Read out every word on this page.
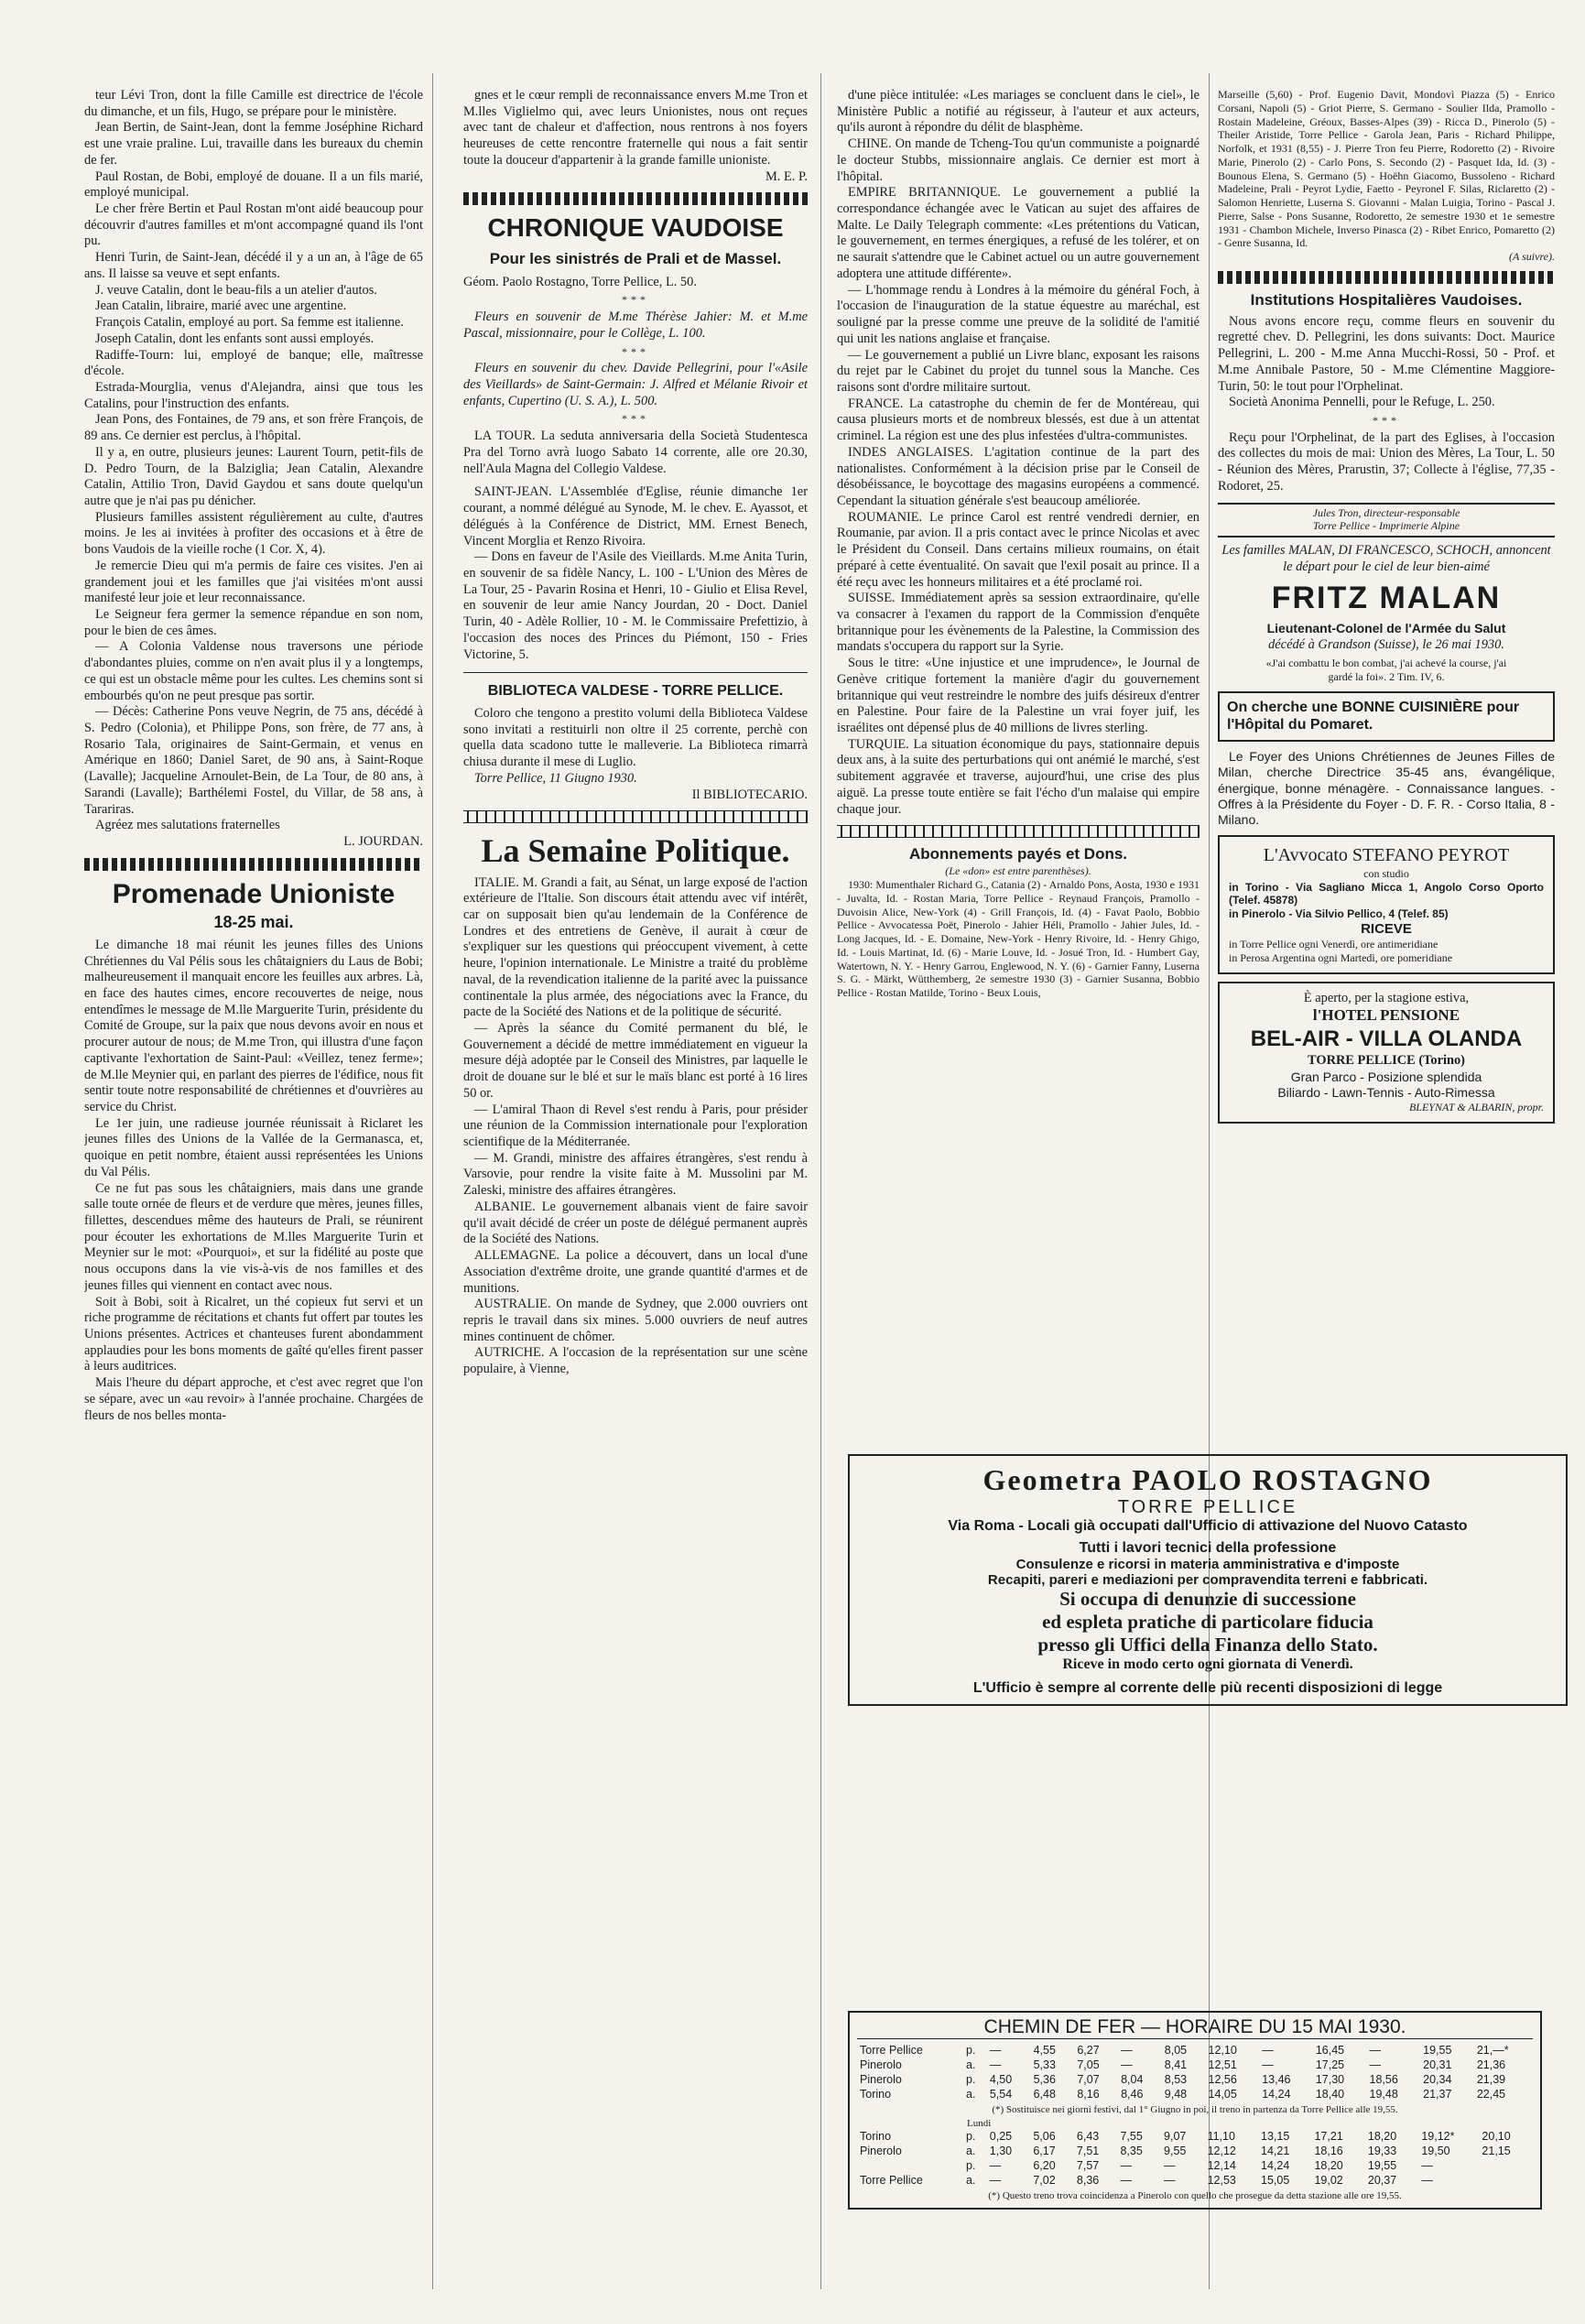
teur Lévi Tron, dont la fille Camille est directrice de l'école du dimanche, et un fils, Hugo, se prépare pour le ministère.

Jean Bertin, de Saint-Jean, dont la femme Joséphine Richard est une vraie praline. Lui, travaille dans les bureaux du chemin de fer.

Paul Rostan, de Bobi, employé de douane. Il a un fils marié, employé municipal.

Le cher frère Bertin et Paul Rostan m'ont aidé beaucoup pour découvrir d'autres familles et m'ont accompagné quand ils l'ont pu.

Henri Turin, de Saint-Jean, décédé il y a un an, à l'âge de 65 ans. Il laisse sa veuve et sept enfants.

J. veuve Catalin, dont le beau-fils a un atelier d'autos.

Jean Catalin, libraire, marié avec une argentine.

François Catalin, employé au port. Sa femme est italienne.

Joseph Catalin, dont les enfants sont aussi employés.

Radiffe-Tourn: lui, employé de banque; elle, maîtresse d'école.

Estrada-Mourglia, venus d'Alejandra, ainsi que tous les Catalins, pour l'instruction des enfants.

Jean Pons, des Fontaines, de 79 ans, et son frère François, de 89 ans. Ce dernier est perclus, à l'hôpital.

Il y a, en outre, plusieurs jeunes: Laurent Tourn, petit-fils de D. Pedro Tourn, de la Balziglia; Jean Catalin, Alexandre Catalin, Attilio Tron, David Gaydou et sans doute quelqu'un autre que je n'ai pas pu dénicher.

Plusieurs familles assistent régulièrement au culte, d'autres moins. Je les ai invitées à profiter des occasions et à être de bons Vaudois de la vieille roche (1 Cor. X, 4).

Je remercie Dieu qui m'a permis de faire ces visites. J'en ai grandement joui et les familles que j'ai visitées m'ont aussi manifesté leur joie et leur reconnaissance.

Le Seigneur fera germer la semence répandue en son nom, pour le bien de ces âmes.

— A Colonia Valdense nous traversons une période d'abondantes pluies, comme on n'en avait plus il y a longtemps, ce qui est un obstacle même pour les cultes. Les chemins sont si embourbés qu'on ne peut presque pas sortir.

— Décès: Catherine Pons veuve Negrin, de 75 ans, décédé à S. Pedro (Colonia), et Philippe Pons, son frère, de 77 ans, à Rosario Tala, originaires de Saint-Germain, et venus en Amérique en 1860; Daniel Saret, de 90 ans, à Saint-Roque (Lavalle); Jacqueline Arnoulet-Bein, de La Tour, de 80 ans, à Sarandi (Lavalle); Barthélemi Fostel, du Villar, de 58 ans, à Tarariras.

Agréez mes salutations fraternelles

L. JOURDAN.

Promenade Unioniste
18-25 mai.

Le dimanche 18 mai réunit les jeunes filles des Unions Chrétiennes du Val Pélis sous les châtaigniers du Laus de Bobi; malheureusement il manquait encore les feuilles aux arbres. Là, en face des hautes cimes, encore recouvertes de neige, nous entendîmes le message de M.lle Marguerite Turin, présidente du Comité de Groupe, sur la paix que nous devons avoir en nous et procurer autour de nous; de M.me Tron, qui illustra d'une façon captivante l'exhortation de Saint-Paul: «Veillez, tenez ferme»; de M.lle Meynier qui, en parlant des pierres de l'édifice, nous fit sentir toute notre responsabilité de chrétiennes et d'ouvrières au service du Christ.

Le 1er juin, une radieuse journée réunissait à Riclaret les jeunes filles des Unions de la Vallée de la Germanasca, et, quoique en petit nombre, étaient aussi représentées les Unions du Val Pélis.

Ce ne fut pas sous les châtaigniers, mais dans une grande salle toute ornée de fleurs et de verdure que mères, jeunes filles, fillettes, descendues même des hauteurs de Prali, se réunirent pour écouter les exhortations de M.lles Marguerite Turin et Meynier sur le mot: «Pourquoi», et sur la fidélité au poste que nous occupons dans la vie vis-à-vis de nos familles et des jeunes filles qui viennent en contact avec nous.

Soit à Bobi, soit à Ricalret, un thé copieux fut servi et un riche programme de récitations et chants fut offert par toutes les Unions présentes. Actrices et chanteuses furent abondamment applaudies pour les bons moments de gaîté qu'elles firent passer à leurs auditrices.

Mais l'heure du départ approche, et c'est avec regret que l'on se sépare, avec un «au revoir» à l'année prochaine. Chargées de fleurs de nos belles monta-

gnes et le cœur rempli de reconnaissance envers M.me Tron et M.lles Viglielmo qui, avec leurs Unionistes, nous ont reçues avec tant de chaleur et d'affection, nous rentrons à nos foyers heureuses de cette rencontre fraternelle qui nous a fait sentir toute la douceur d'appartenir à la grande famille unioniste.

M. E. P.

CHRONIQUE VAUDOISE
Pour les sinistrés de Prali et de Massel.

Géom. Paolo Rostagno, Torre Pellice, L. 50.

***

Fleurs en souvenir de M.me Thérèse Jahier: M. et M.me Pascal, missionnaire, pour le Collège, L. 100.

***

Fleurs en souvenir du chev. Davide Pellegrini, pour l'«Asile des Vieillards» de Saint-Germain: J. Alfred et Mélanie Rivoir et enfants, Cupertino (U. S. A.), L. 500.

***

LA TOUR. La seduta anniversaria della Società Studentesca Pra del Torno avrà luogo Sabato 14 corrente, alle ore 20.30, nell'Aula Magna del Collegio Valdese.

SAINT-JEAN. L'Assemblée d'Eglise, réunie dimanche 1er courant, a nommé délégué au Synode, M. le chev. E. Ayassot, et délégués à la Conférence de District, MM. Ernest Benech, Vincent Morglia et Renzo Rivoira.

— Dons en faveur de l'Asile des Vieillards. M.me Anita Turin, en souvenir de sa fidèle Nancy, L. 100 - L'Union des Mères de La Tour, 25 - Pavarin Rosina et Henri, 10 - Giulio et Elisa Revel, en souvenir de leur amie Nancy Jourdan, 20 - Doct. Daniel Turin, 40 - Adèle Rollier, 10 - M. le Commissaire Prefettizio, à l'occasion des noces des Princes du Piémont, 150 - Fries Victorine, 5.

BIBLIOTECA VALDESE - TORRE PELLICE.

Coloro che tengono a prestito volumi della Biblioteca Valdese sono invitati a restituirli non oltre il 25 corrente, perchè con quella data scadono tutte le malleverie. La Biblioteca rimarrà chiusa durante il mese di Luglio.

Torre Pellice, 11 Giugno 1930.

Il BIBLIOTECARIO.

La Semaine Politique.

ITALIE. M. Grandi a fait, au Sénat, un large exposé de l'action extérieure de l'Italie. Son discours était attendu avec vif intérêt, car on supposait bien qu'au lendemain de la Conférence de Londres et des entretiens de Genève, il aurait à cœur de s'expliquer sur les questions qui préoccupent vivement, à cette heure, l'opinion internationale. Le Ministre a traité du problème naval, de la revendication italienne de la parité avec la puissance continentale la plus armée, des négociations avec la France, du pacte de la Société des Nations et de la politique de sécurité.

— Après la séance du Comité permanent du blé, le Gouvernement a décidé de mettre immédiatement en vigueur la mesure déjà adoptée par le Conseil des Ministres, par laquelle le droit de douane sur le blé et sur le maïs blanc est porté à 16 lires 50 or.

— L'amiral Thaon di Revel s'est rendu à Paris, pour présider une réunion de la Commission internationale pour l'exploration scientifique de la Méditerranée.

— M. Grandi, ministre des affaires étrangères, s'est rendu à Varsovie, pour rendre la visite faite à M. Mussolini par M. Zaleski, ministre des affaires étrangères.

ALBANIE. Le gouvernement albanais vient de faire savoir qu'il avait décidé de créer un poste de délégué permanent auprès de la Société des Nations.

ALLEMAGNE. La police a découvert, dans un local d'une Association d'extrême droite, une grande quantité d'armes et de munitions.

AUSTRALIE. On mande de Sydney, que 2.000 ouvriers ont repris le travail dans six mines. 5.000 ouvriers de neuf autres mines continuent de chômer.

AUTRICHE. A l'occasion de la représentation sur une scène populaire, à Vienne,

d'une pièce intitulée: «Les mariages se concluent dans le ciel», le Ministère Public a notifié au régisseur, à l'auteur et aux acteurs, qu'ils auront à répondre du délit de blasphème.

CHINE. On mande de Tcheng-Tou qu'un communiste a poignardé le docteur Stubbs, missionnaire anglais. Ce dernier est mort à l'hôpital.

EMPIRE BRITANNIQUE. Le gouvernement a publié la correspondance échangée avec le Vatican au sujet des affaires de Malte. Le Daily Telegraph commente: «Les prétentions du Vatican, le gouvernement, en termes énergiques, a refusé de les tolérer, et on ne saurait s'attendre que le Cabinet actuel ou un autre gouvernement adoptera une attitude différente».

— L'hommage rendu à Londres à la mémoire du général Foch, à l'occasion de l'inauguration de la statue équestre au maréchal, est souligné par la presse comme une preuve de la solidité de l'amitié qui unit les nations anglaise et française.

— Le gouvernement a publié un Livre blanc, exposant les raisons du rejet par le Cabinet du projet du tunnel sous la Manche. Ces raisons sont d'ordre militaire surtout.

FRANCE. La catastrophe du chemin de fer de Montéreau, qui causa plusieurs morts et de nombreux blessés, est due à un attentat criminel. La région est une des plus infestées d'ultra-communistes.

INDES ANGLAISES. L'agitation continue de la part des nationalistes. Conformément à la décision prise par le Conseil de désobéissance, le boycottage des magasins européens a commencé. Cependant la situation générale s'est beaucoup améliorée.

ROUMANIE. Le prince Carol est rentré vendredi dernier, en Roumanie, par avion. Il a pris contact avec le prince Nicolas et avec le Président du Conseil. Dans certains milieux roumains, on était préparé à cette éventualité. On savait que l'exil posait au prince. Il a été reçu avec les honneurs militaires et a été proclamé roi.

SUISSE. Immédiatement après sa session extraordinaire, qu'elle va consacrer à l'examen du rapport de la Commission d'enquête britannique pour les évènements de la Palestine, la Commission des mandats s'occupera du rapport sur la Syrie.

Sous le titre: «Une injustice et une imprudence», le Journal de Genève critique fortement la manière d'agir du gouvernement britannique qui veut restreindre le nombre des juifs désireux d'entrer en Palestine. Pour faire de la Palestine un vrai foyer juif, les israélites ont dépensé plus de 40 millions de livres sterling.

TURQUIE. La situation économique du pays, stationnaire depuis deux ans, à la suite des perturbations qui ont anémié le marché, s'est subitement aggravée et traverse, aujourd'hui, une crise des plus aiguë. La presse toute entière se fait l'écho d'un malaise qui empire chaque jour.

Abonnements payés et Dons.
(Le «don» est entre parenthèses).

1930: Mumenthaler Richard G., Catania (2) - Arnaldo Pons, Aosta, 1930 e 1931 - Juvalta, Id. - Rostan Maria, Torre Pellice - Reynaud François, Pramollo - Duvoisin Alice, New-York (4) - Grill François, Id. (4) - Favat Paolo, Bobbio Pellice - Avvocatessa Poët, Pinerolo - Jahier Héli, Pramollo - Jahier Jules, Id. - Long Jacques, Id. - E. Domaine, New-York - Henry Rivoire, Id. - Henry Ghigo, Id. - Louis Martinat, Id. (6) - Marie Louve, Id. - Josué Tron, Id. - Humbert Gay, Watertown, N. Y. - Henry Garrou, Englewood, N. Y. (6) - Garnier Fanny, Luserna S. G. - Märkt, Wütthemberg, 2e semestre 1930 (3) - Garnier Susanna, Bobbio Pellice - Rostan Matilde, Torino - Beux Louis,

Marseille (5,60) - Prof. Eugenio Davit, Mondovì Piazza (5) - Enrico Corsani, Napoli (5) - Griot Pierre, S. Germano - Soulier Ilda, Pramollo - Rostain Madeleine, Gréoux, Basses-Alpes (39) - Ricca D., Pinerolo (5) - Theiler Aristide, Torre Pellice - Garola Jean, Paris - Richard Philippe, Norfolk, et 1931 (8,55) - J. Pierre Tron feu Pierre, Rodoretto (2) - Rivoire Marie, Pinerolo (2) - Carlo Pons, S. Secondo (2) - Pasquet Ida, Id. (3) - Bounous Elena, S. Germano (5) - Hoëhn Giacomo, Bussoleno - Richard Madeleine, Prali - Peyrot Lydie, Faetto - Peyronel F. Silas, Riclaretto (2) - Salomon Henriette, Luserna S. Giovanni - Malan Luigia, Torino - Pascal J. Pierre, Salse - Pons Susanne, Rodoretto, 2e semestre 1930 et 1e semestre 1931 - Chambon Michele, Inverso Pinasca (2) - Ribet Enrico, Pomaretto (2) - Genre Susanna, Id.

(A suivre).

Institutions Hospitalières Vaudoises.

Nous avons encore reçu, comme fleurs en souvenir du regretté chev. D. Pellegrini, les dons suivants: Doct. Maurice Pellegrini, L. 200 - M.me Anna Mucchi-Rossi, 50 - Prof. et M.me Annibale Pastore, 50 - M.me Clémentine Maggiore-Turin, 50: le tout pour l'Orphelinat.

Società Anonima Pennelli, pour le Refuge, L. 250.

***

Reçu pour l'Orphelinat, de la part des Eglises, à l'occasion des collectes du mois de mai: Union des Mères, La Tour, L. 50 - Réunion des Mères, Prarustin, 37; Collecte à l'église, 77,35 - Rodoret, 25.

Jules Tron, directeur-responsable
Torre Pellice - Imprimerie Alpine

Les familles MALAN, DI FRANCESCO, SCHOCH, annoncent le départ pour le ciel de leur bien-aimé

FRITZ MALAN
Lieutenant-Colonel de l'Armée du Salut
décédé à Grandson (Suisse), le 26 mai 1930.

«J'ai combattu le bon combat, j'ai achevé la course, j'ai gardé la foi». 2 Tim. IV, 6.

On cherche une BONNE CUISINIÈRE pour l'Hôpital du Pomaret.

Le Foyer des Unions Chrétiennes de Jeunes Filles de Milan, cherche Directrice 35-45 ans, évangélique, énergique, bonne ménagère. - Connaissance langues. - Offres à la Présidente du Foyer - D. F. R. - Corso Italia, 8 - Milano.

L'Avvocato STEFANO PEYROT
con studio
in Torino - Via Sagliano Micca 1, Angolo Corso Oporto (Telef. 45878)
in Pinerolo - Via Silvio Pellico, 4 (Telef. 85)
RICEVE
in Torre Pellice ogni Venerdì, ore antimeridiane
in Perosa Argentina ogni Martedì, ore pomeridiane
È aperto, per la stagione estiva,
l'HOTEL PENSIONE
BEL-AIR - VILLA OLANDA
TORRE PELLICE (Torino)
Gran Parco - Posizione splendida
Biliardo - Lawn-Tennis - Auto-Rimessa
BLEYNAT & ALBARIN, propr.
Geometra PAOLO ROSTAGNO
TORRE PELLICE
Via Roma - Locali già occupati dall'Ufficio di attivazione del Nuovo Catasto
Tutti i lavori tecnici della professione
Consulenze e ricorsi in materia amministrativa e d'imposte
Recapiti, pareri e mediazioni per compravendita terreni e fabbricati.
Si occupa di denunzie di successione
ed espleta pratiche di particolare fiducia
presso gli Uffici della Finanza dello Stato.
Riceve in modo certo ogni giornata di Venerdì.
L'Ufficio è sempre al corrente delle più recenti disposizioni di legge
CHEMIN DE FER — HORAIRE DU 15 MAI 1930.
Torre Pellice	p.	—	4,55	6,27	—	8,05	12,10	—	16,45	—	19,55	21,—*
Pinerolo	a.	—	5,33	7,05	—	8,41	12,51	—	17,25	—	20,31	21,36
Pinerolo	p.	4,50	5,36	7,07	8,04	8,53	12,56	13,46	17,30	18,56	20,34	21,39
Torino	a.	5,54	6,48	8,16	8,46	9,48	14,05	14,24	18,40	19,48	21,37	22,45
(*) Sostituisce nei giorni festivi, dal 1° Giugno in poi, il treno in partenza da Torre Pellice alle 19,55.
Lundi
Torino	p.	0,25	5,06	6,43	7,55	9,07	11,10	13,15	17,21	18,20	19,12*	20,10
Pinerolo	a.	1,30	6,17	7,51	8,35	9,55	12,12	14,21	18,16	19,33	19,50	21,15
	p.	—	6,20	7,57	—	—	12,14	14,24	18,20	19,55	—	
Torre Pellice	a.	—	7,02	8,36	—	—	12,53	15,05	19,02	20,37	—	
(*) Questo treno trova coincidenza a Pinerolo con quello che prosegue da detta stazione alle ore 19,55.
